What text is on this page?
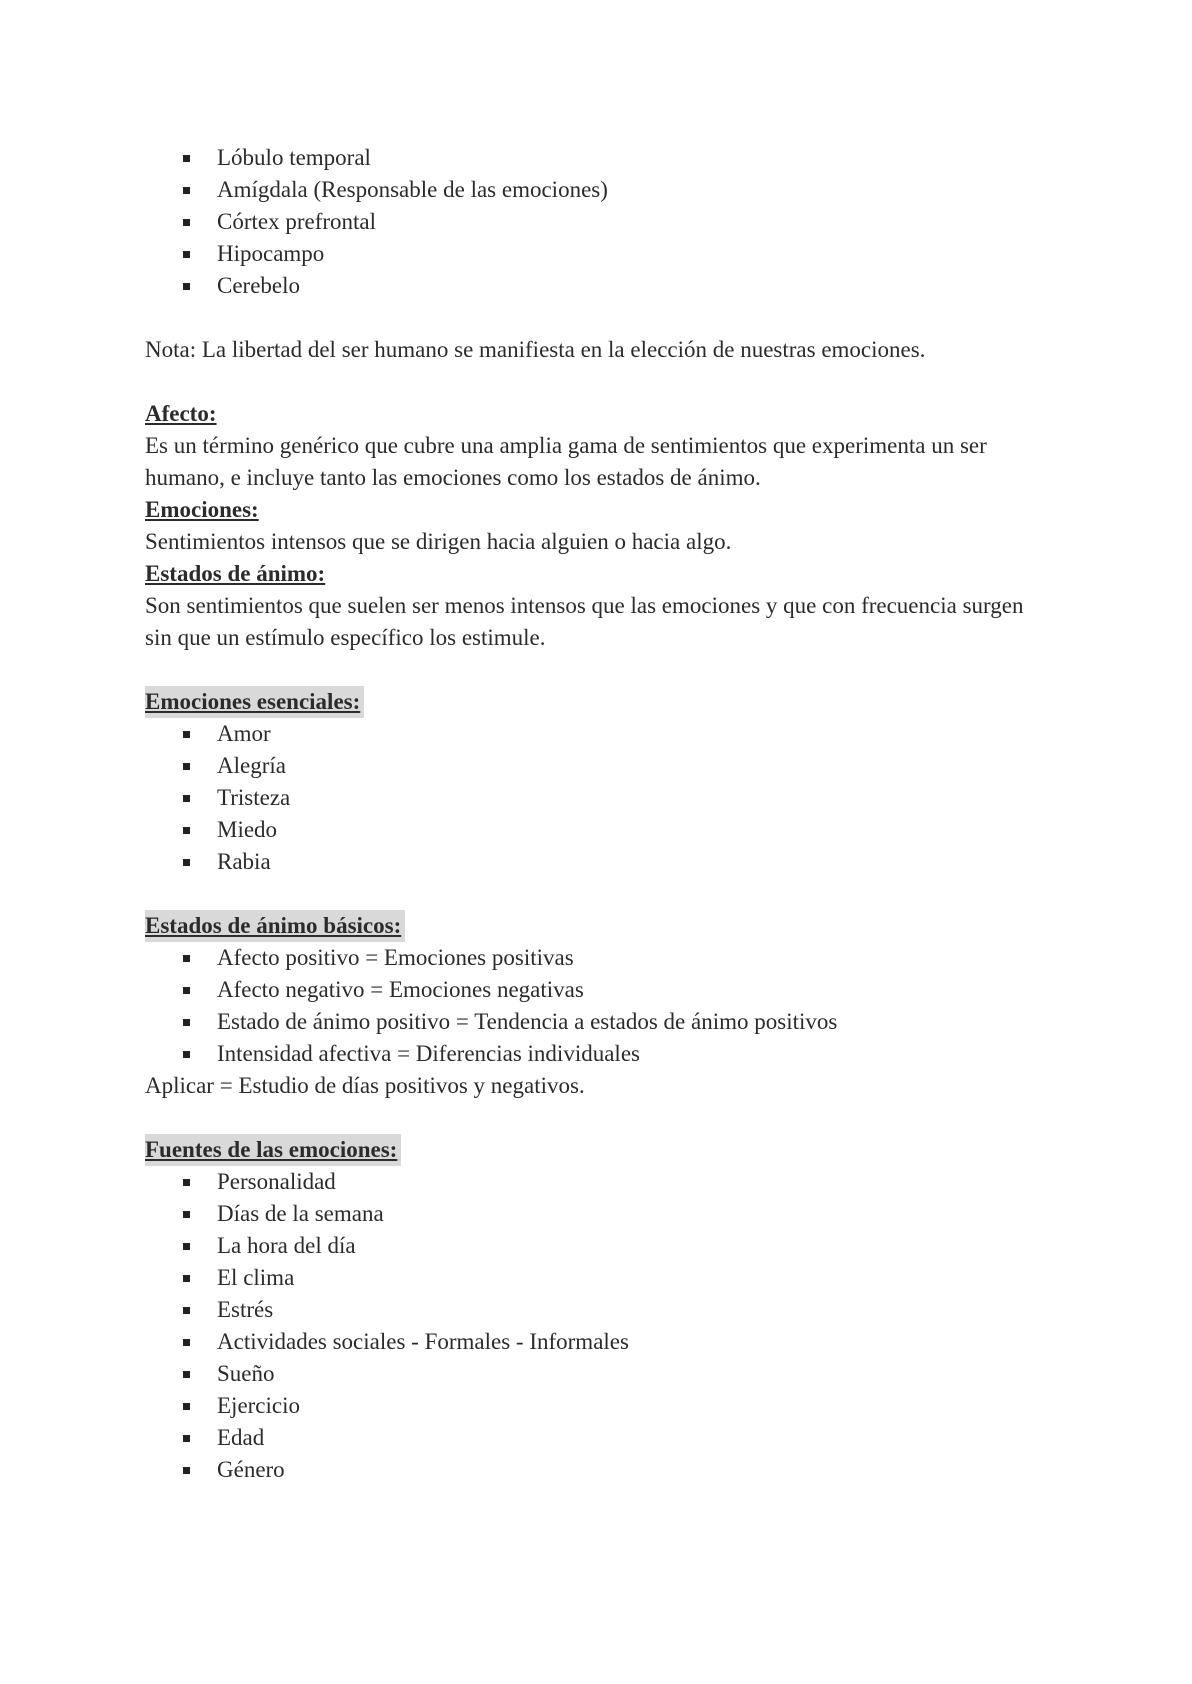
Lóbulo temporal
Amígdala (Responsable de las emociones)
Córtex prefrontal
Hipocampo
Cerebelo

Nota: La libertad del ser humano se manifiesta en la elección de nuestras emociones.

Afecto:

Es un término genérico que cubre una amplia gama de sentimientos que experimenta un ser humano, e incluye tanto las emociones como los estados de ánimo.

Emociones:

Sentimientos intensos que se dirigen hacia alguien o hacia algo.

Estados de ánimo:

Son sentimientos que suelen ser menos intensos que las emociones y que con frecuencia surgen sin que un estímulo específico los estimule.

Emociones esenciales:
Amor
Alegría
Tristeza
Miedo
Rabia
Estados de ánimo básicos:
Afecto positivo = Emociones positivas
Afecto negativo = Emociones negativas
Estado de ánimo positivo = Tendencia a estados de ánimo positivos
Intensidad afectiva = Diferencias individuales

Aplicar = Estudio de días positivos y negativos.

Fuentes de las emociones:
Personalidad
Días de la semana
La hora del día
El clima
Estrés
Actividades sociales - Formales - Informales
Sueño
Ejercicio
Edad
Género
